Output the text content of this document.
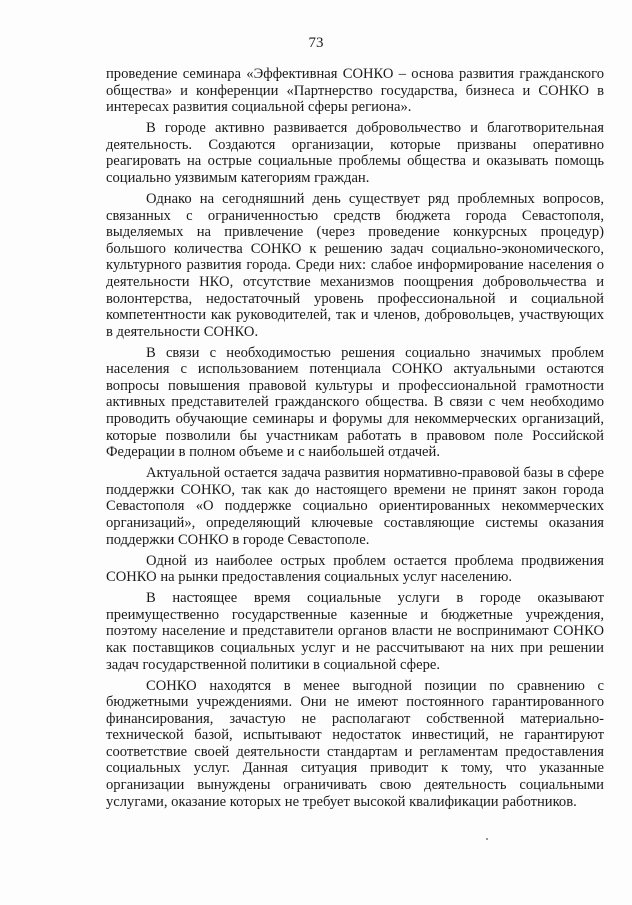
73

проведение семинара «Эффективная СОНКО – основа развития гражданского общества» и конференции «Партнерство государства, бизнеса и СОНКО в интересах развития социальной сферы региона».

В городе активно развивается добровольчество и благотворительная деятельность. Создаются организации, которые призваны оперативно реагировать на острые социальные проблемы общества и оказывать помощь социально уязвимым категориям граждан.

Однако на сегодняшний день существует ряд проблемных вопросов, связанных с ограниченностью средств бюджета города Севастополя, выделяемых на привлечение (через проведение конкурсных процедур) большого количества СОНКО к решению задач социально-экономического, культурного развития города. Среди них: слабое информирование населения о деятельности НКО, отсутствие механизмов поощрения добровольчества и волонтерства, недостаточный уровень профессиональной и социальной компетентности как руководителей, так и членов, добровольцев, участвующих в деятельности СОНКО.

В связи с необходимостью решения социально значимых проблем населения с использованием потенциала СОНКО актуальными остаются вопросы повышения правовой культуры и профессиональной грамотности активных представителей гражданского общества. В связи с чем необходимо проводить обучающие семинары и форумы для некоммерческих организаций, которые позволили бы участникам работать в правовом поле Российской Федерации в полном объеме и с наибольшей отдачей.

Актуальной остается задача развития нормативно-правовой базы в сфере поддержки СОНКО, так как до настоящего времени не принят закон города Севастополя «О поддержке социально ориентированных некоммерческих организаций», определяющий ключевые составляющие системы оказания поддержки СОНКО в городе Севастополе.

Одной из наиболее острых проблем остается проблема продвижения СОНКО на рынки предоставления социальных услуг населению.

В настоящее время социальные услуги в городе оказывают преимущественно государственные казенные и бюджетные учреждения, поэтому население и представители органов власти не воспринимают СОНКО как поставщиков социальных услуг и не рассчитывают на них при решении задач государственной политики в социальной сфере.

СОНКО находятся в менее выгодной позиции по сравнению с бюджетными учреждениями. Они не имеют постоянного гарантированного финансирования, зачастую не располагают собственной материально-технической базой, испытывают недостаток инвестиций, не гарантируют соответствие своей деятельности стандартам и регламентам предоставления социальных услуг. Данная ситуация приводит к тому, что указанные организации вынуждены ограничивать свою деятельность социальными услугами, оказание которых не требует высокой квалификации работников.
